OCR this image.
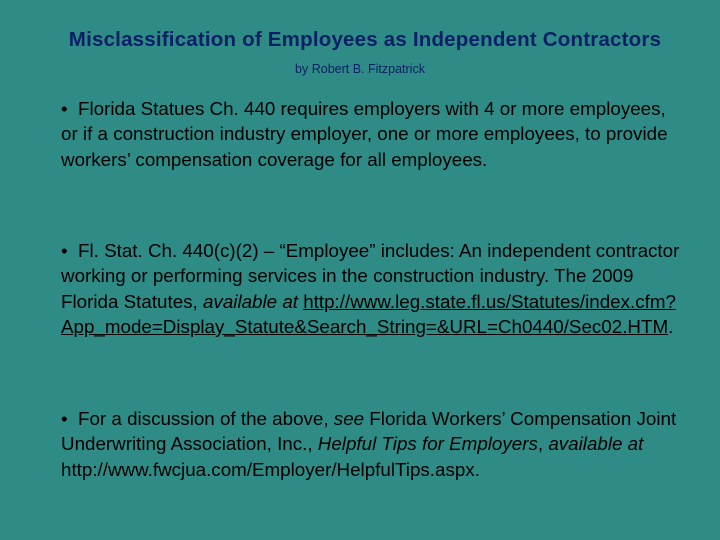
Misclassification of Employees as Independent Contractors
by Robert B. Fitzpatrick
• Florida Statues Ch. 440 requires employers with 4 or more employees, or if a construction industry employer, one or more employees, to provide workers’ compensation coverage for all employees.
• Fl. Stat. Ch. 440(c)(2) – “Employee” includes: An independent contractor working or performing services in the construction industry. The 2009 Florida Statutes, available at http://www.leg.state.fl.us/Statutes/index.cfm?App_mode=Display_Statute&Search_String=&URL=Ch0440/Sec02.HTM.
• For a discussion of the above, see Florida Workers’ Compensation Joint Underwriting Association, Inc., Helpful Tips for Employers, available at http://www.fwcjua.com/Employer/HelpfulTips.aspx.
